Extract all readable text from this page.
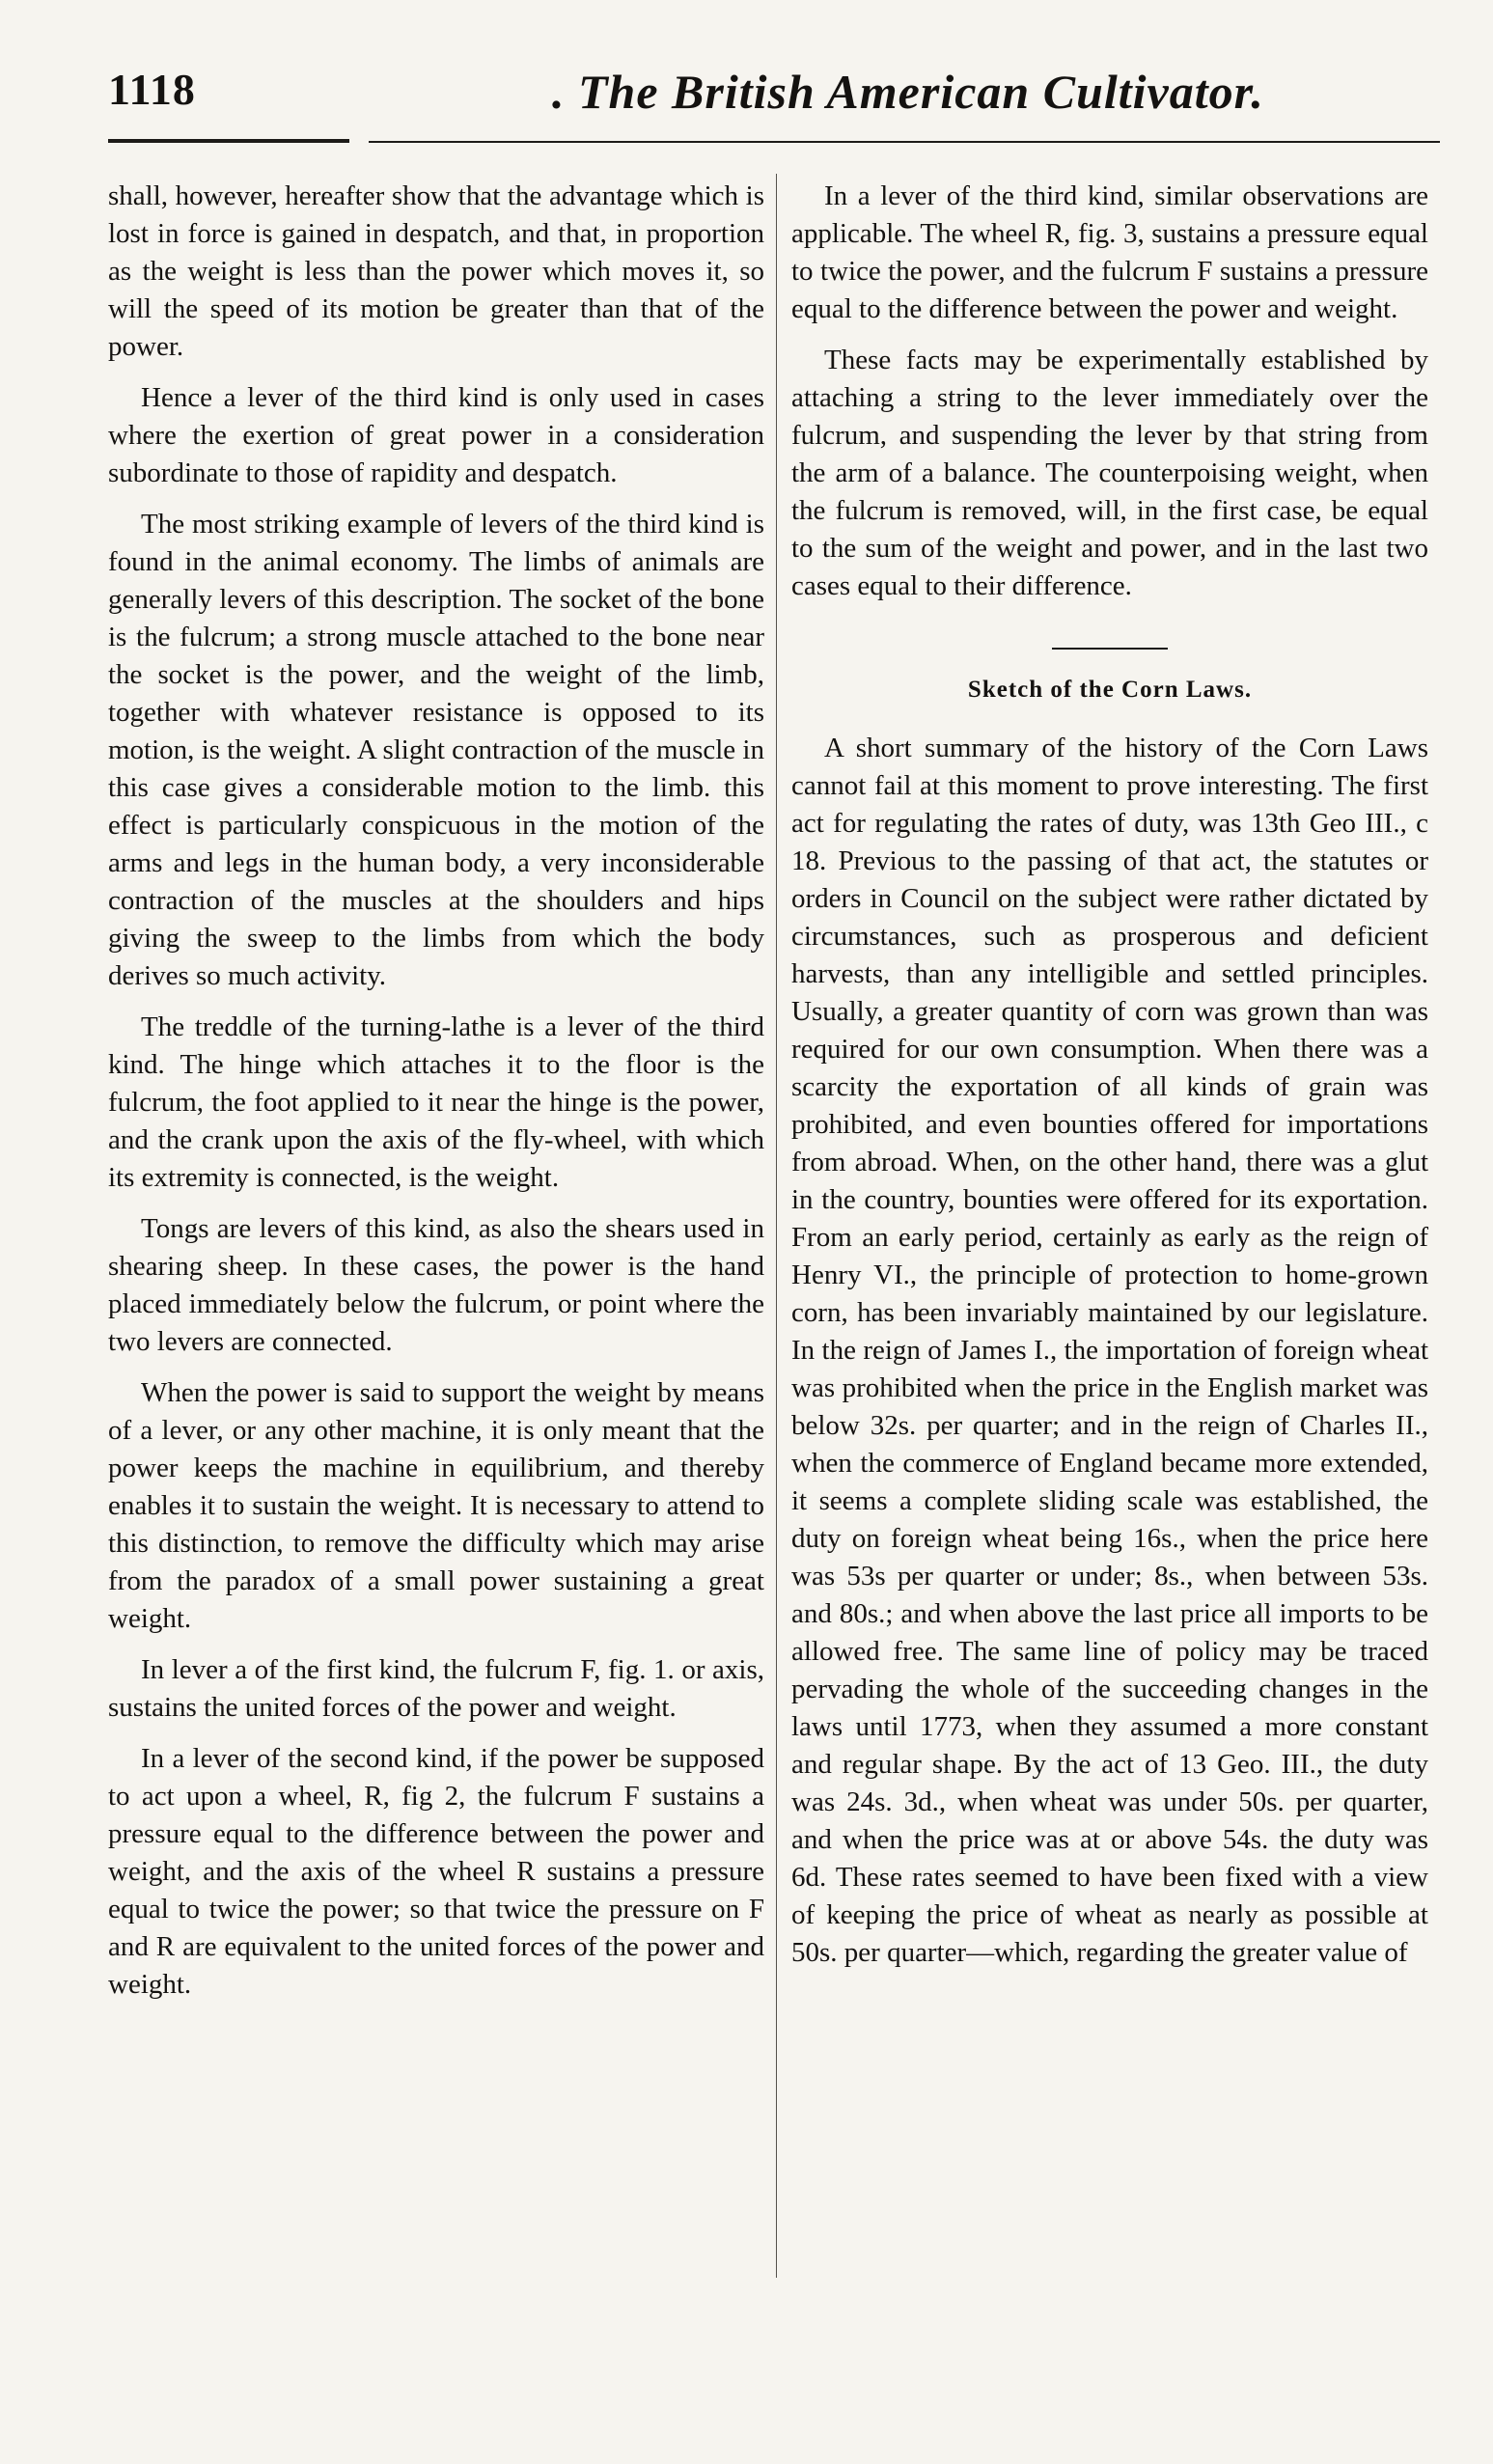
1118	. The British American Cultivator.

shall, however, hereafter show that the advantage which is lost in force is gained in despatch, and that, in proportion as the weight is less than the power which moves it, so will the speed of its motion be greater than that of the power.

Hence a lever of the third kind is only used in cases where the exertion of great power in a consideration subordinate to those of rapidity and despatch.

The most striking example of levers of the third kind is found in the animal economy. The limbs of animals are generally levers of this description. The socket of the bone is the fulcrum; a strong muscle attached to the bone near the socket is the power, and the weight of the limb, together with whatever resistance is opposed to its motion, is the weight. A slight contraction of the muscle in this case gives a considerable motion to the limb. this effect is particularly conspicuous in the motion of the arms and legs in the human body, a very inconsiderable contraction of the muscles at the shoulders and hips giving the sweep to the limbs from which the body derives so much activity.

The treddle of the turning-lathe is a lever of the third kind. The hinge which attaches it to the floor is the fulcrum, the foot applied to it near the hinge is the power, and the crank upon the axis of the fly-wheel, with which its extremity is connected, is the weight.

Tongs are levers of this kind, as also the shears used in shearing sheep. In these cases, the power is the hand placed immediately below the fulcrum, or point where the two levers are connected.

When the power is said to support the weight by means of a lever, or any other machine, it is only meant that the power keeps the machine in equilibrium, and thereby enables it to sustain the weight. It is necessary to attend to this distinction, to remove the difficulty which may arise from the paradox of a small power sustaining a great weight.

In lever a of the first kind, the fulcrum F, fig. 1. or axis, sustains the united forces of the power and weight.

In a lever of the second kind, if the power be supposed to act upon a wheel, R, fig 2, the fulcrum F sustains a pressure equal to the difference between the power and weight, and the axis of the wheel R sustains a pressure equal to twice the power; so that twice the pressure on F and R are equivalent to the united forces of the power and weight.

In a lever of the third kind, similar observations are applicable. The wheel R, fig. 3, sustains a pressure equal to twice the power, and the fulcrum F sustains a pressure equal to the difference between the power and weight.

These facts may be experimentally established by attaching a string to the lever immediately over the fulcrum, and suspending the lever by that string from the arm of a balance. The counterpoising weight, when the fulcrum is removed, will, in the first case, be equal to the sum of the weight and power, and in the last two cases equal to their difference.

Sketch of the Corn Laws.

A short summary of the history of the Corn Laws cannot fail at this moment to prove interesting. The first act for regulating the rates of duty, was 13th Geo III., c 18. Previous to the passing of that act, the statutes or orders in Council on the subject were rather dictated by circumstances, such as prosperous and deficient harvests, than any intelligible and settled principles. Usually, a greater quantity of corn was grown than was required for our own consumption. When there was a scarcity the exportation of all kinds of grain was prohibited, and even bounties offered for importations from abroad. When, on the other hand, there was a glut in the country, bounties were offered for its exportation. From an early period, certainly as early as the reign of Henry VI., the principle of protection to home-grown corn, has been invariably maintained by our legislature. In the reign of James I., the importation of foreign wheat was prohibited when the price in the English market was below 32s. per quarter; and in the reign of Charles II., when the commerce of England became more extended, it seems a complete sliding scale was established, the duty on foreign wheat being 16s., when the price here was 53s per quarter or under; 8s., when between 53s. and 80s.; and when above the last price all imports to be allowed free. The same line of policy may be traced pervading the whole of the succeeding changes in the laws until 1773, when they assumed a more constant and regular shape. By the act of 13 Geo. III., the duty was 24s. 3d., when wheat was under 50s. per quarter, and when the price was at or above 54s. the duty was 6d. These rates seemed to have been fixed with a view of keeping the price of wheat as nearly as possible at 50s. per quarter—which, regarding the greater value of
